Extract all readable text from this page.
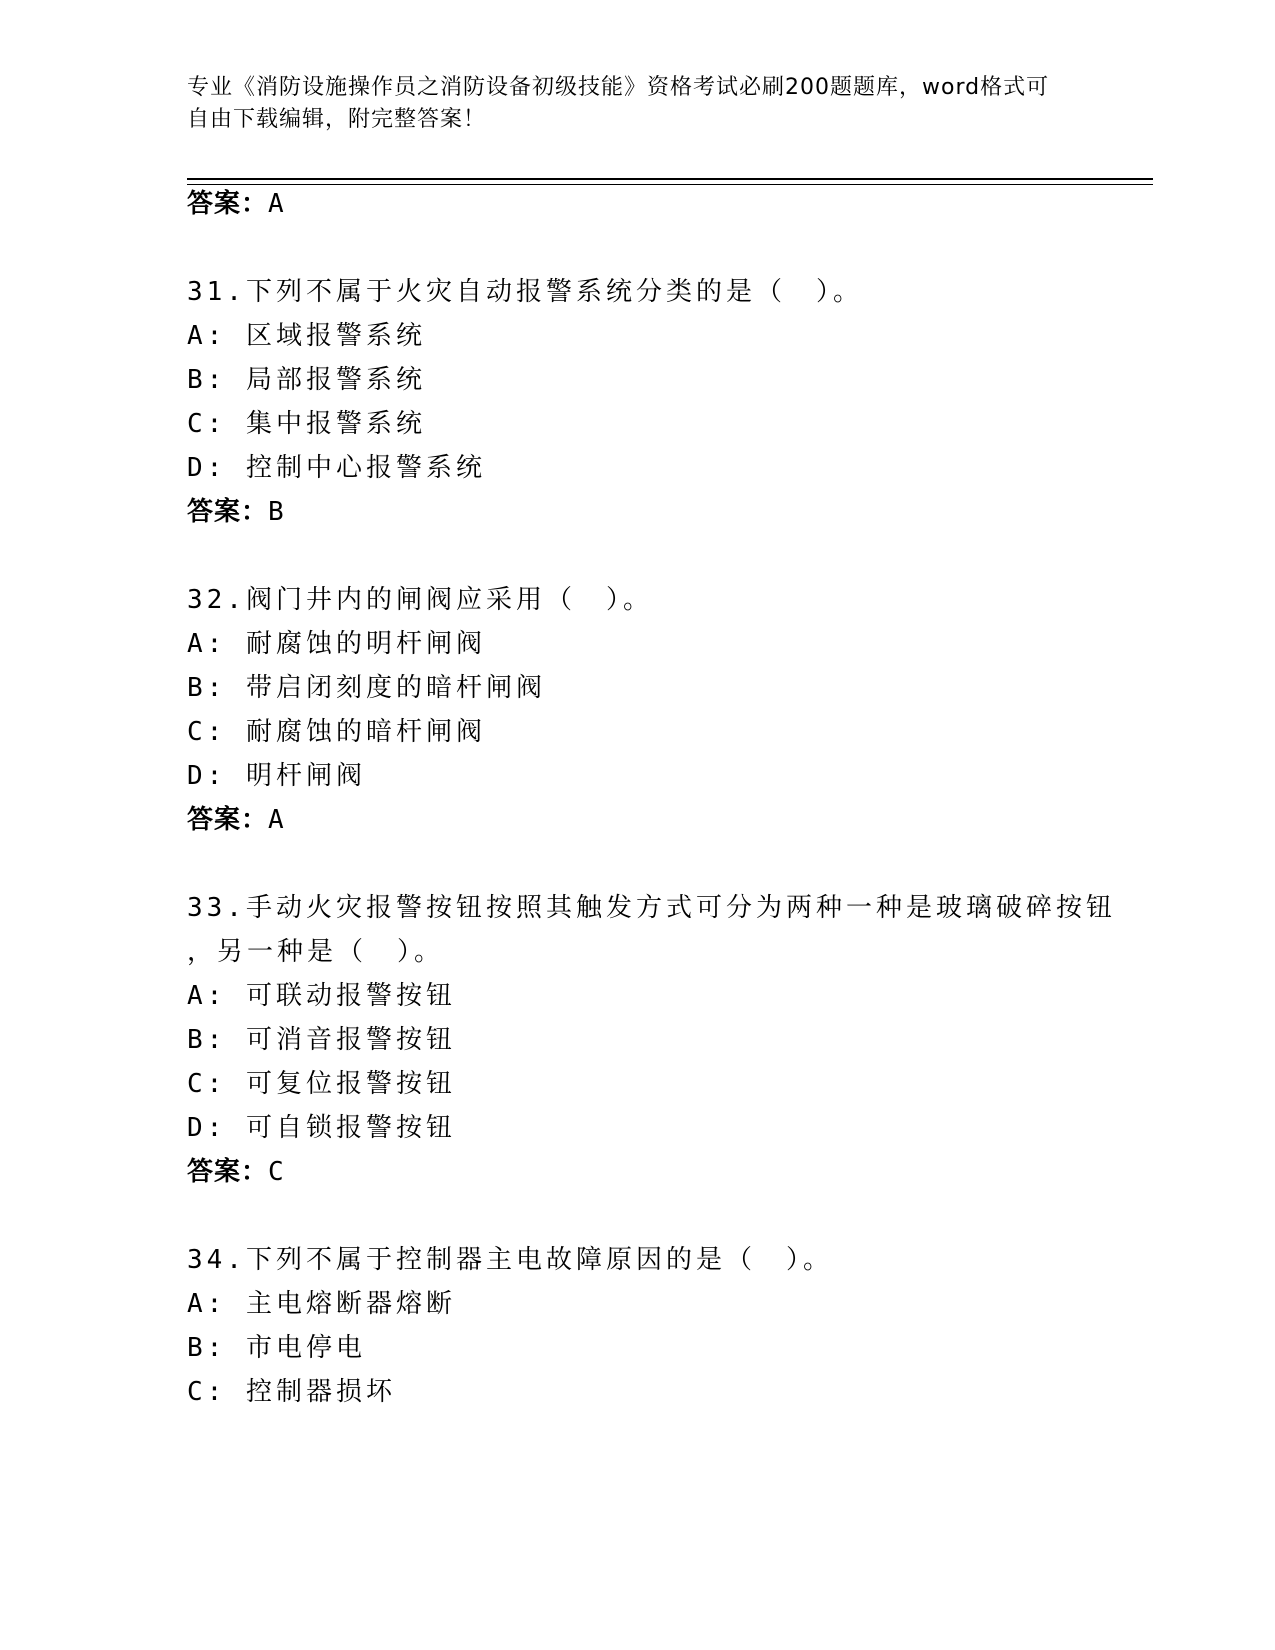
专业《消防设施操作员之消防设备初级技能》资格考试必刷200题题库，word格式可自由下载编辑，附完整答案！
答案：A
31.下列不属于火灾自动报警系统分类的是（　）。
A: 区域报警系统
B: 局部报警系统
C: 集中报警系统
D: 控制中心报警系统
答案：B
32.阀门井内的闸阀应采用（　）。
A: 耐腐蚀的明杆闸阀
B: 带启闭刻度的暗杆闸阀
C: 耐腐蚀的暗杆闸阀
D: 明杆闸阀
答案：A
33.手动火灾报警按钮按照其触发方式可分为两种一种是玻璃破碎按钮
，另一种是（　）。
A: 可联动报警按钮
B: 可消音报警按钮
C: 可复位报警按钮
D: 可自锁报警按钮
答案：C
34.下列不属于控制器主电故障原因的是（　）。
A: 主电熔断器熔断
B: 市电停电
C: 控制器损坏
